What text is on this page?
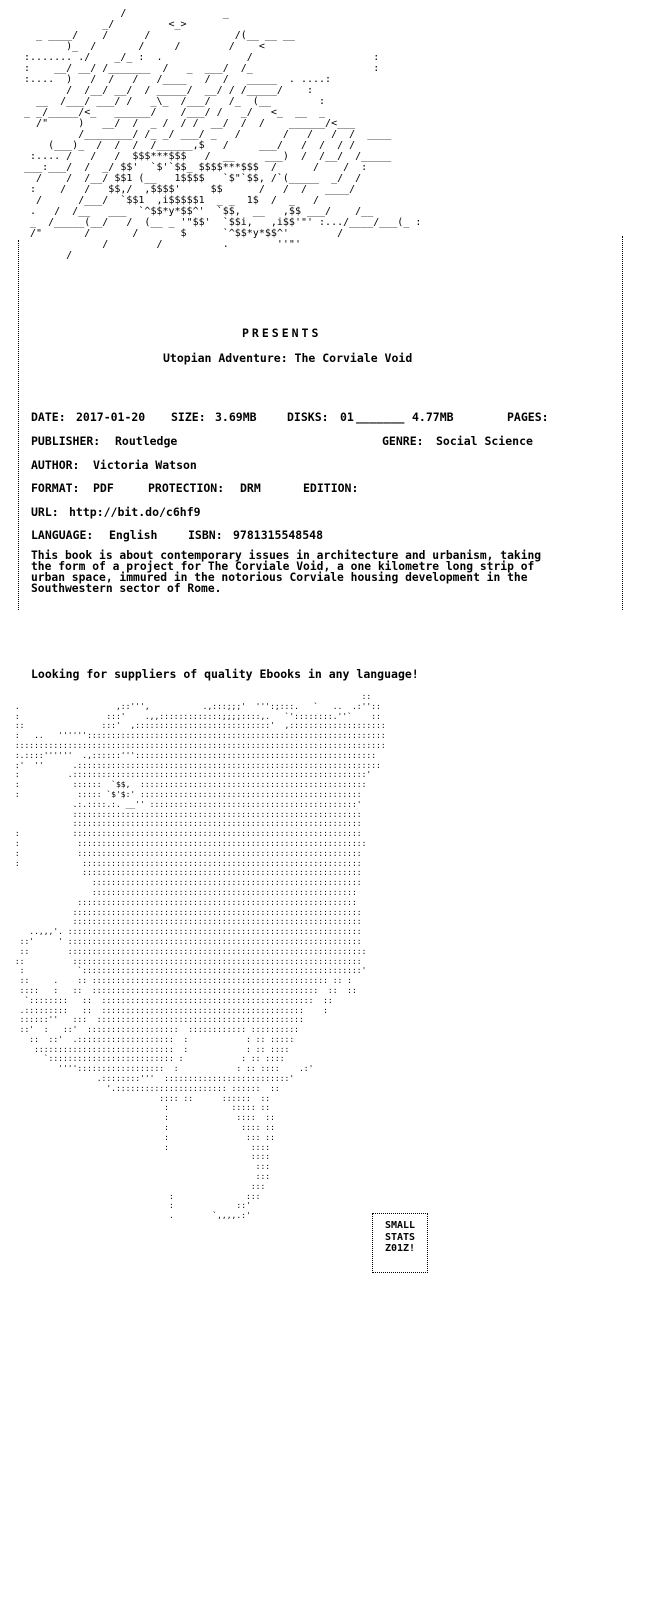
/                _
_/         <_>
_ ____/    /      /              /(__ __ __
)_  /       /     /        /    <
:....... ./    _/_ :  .              /                    :
:    __/ __/ /_______  /   _  ___/  /_                    :
:....  )   /  /   /   /____   /  /   _____  . ....:
/  /__/ __/  / _____/  __/ / /_____/    :
__  /___/ ___/ /   _\_  /___/   /_  (__        :
_ _/_____/<_   ______/    /___/ /   _/   <_  __  _
/"     )   __/  /  _ /  / /  __/  /  /    ______/<___
/________/ /_ _/ ___/ _   /       /   /   /  /  ____
(___)_  /  /  /  /______,$   /     ___/   /  /  / /
:.... /   /   /  $$$***$$$   /  __     ___)  /  /__/  /_____
___:___/  /  _/ $$'  `$'`$$_ $$$$***$$$  /      /    /  :
/    /  /__/ $$1 (__   1$$$$   `$"`$$, /`(_____  _/  /
:    /   /   $$,/  ,$$$$'     $$      /   /  /   ____/
/      /___/  `$$1  ,i$$$$$1  _ _  1$  /  _   /
.   /  /__   ___  `^$$*y*$$^'  `$$,  __   ,$$ ___/    /__
_  /_____(__/   /  (__ _ '"$$'  `$$i,   ,i$$'"' :.../____/___(_ :
/"       /       /       $      `^$$*y*$$^'        /
/        /          .        ''"'
/
PRESENTS
Utopian Adventure: The Corviale Void
DATE: 2017-01-20 SIZE: 3.69MB	DISKS: 01 _______ 4.77MB	PAGES:
PUBLISHER: Routledge	GENRE: Social Science
AUTHOR: Victoria Watson
FORMAT: PDF	PROTECTION: DRM	EDITION:
URL: http://bit.do/c6hf9
LANGUAGE: English	ISBN: 9781315548548
This book is about contemporary issues in architecture and urbanism, taking
the form of a project for The Corviale Void, a one kilometre long strip of
urban space, immured in the notorious Corviale housing development in the
Southwestern sector of Rome.
Looking for suppliers of quality Ebooks in any language!
::
.                    ,::''',           .,:::;;;'  ''':;:::.   `   ..  .:''::
:                  :::'    .,,:::::::::::::;;;;::::,.   `'::::::::.''`    ::
::                :::'  ,::::::::::::::::::::::::::::'  ,::::::::::::::::::::
:   ..   ''''''::::::::::::::::::::::::::::::::::::::::::::::::::::::::::::::
:::::::::::::::::::::::::::::::::::::::::::::::::::::::::::::::::::::::::::::
:.::::''''''  .,::::::'''::::::::::::::::::::::::::::::::::::::::::::::::::
:'  ''      .:::::::::::::::::::::::::::::::::::::::::::::::::::::::::::::::
:          .:::::::::::::::::::::::::::::::::::::::::::::::::::::::::::::'
:           ::::::  `$$,  :::::::::::::::::::::::::::::::::::::::::::::::
:            ::::: `$'$:' ::::::::::::::::::::::::::::::::::::::::::::::
.:.::::.:. __'' :::::::::::::::::::::::::::::::::::::::::::'
::::::::::::::::::::::::::::::::::::::::::::::::::::::::::::
::::::::::::::::::::::::::::::::::::::::::::::::::::::::::::
:           ::::::::::::::::::::::::::::::::::::::::::::::::::::::::::::
:            ::::::::::::::::::::::::::::::::::::::::::::::::::::::::::::
:            :::::::::::::::::::::::::::::::::::::::::::::::::::::::::::
:             ::::::::::::::::::::::::::::::::::::::::::::::::::::::::::
::::::::::::::::::::::::::::::::::::::::::::::::::::::::::
::::::::::::::::::::::::::::::::::::::::::::::::::::::::
:::::::::::::::::::::::::::::::::::::::::::::::::::::::
::::::::::::::::::::::::::::::::::::::::::::::::::::::::::
::::::::::::::::::::::::::::::::::::::::::::::::::::::::::::
::::::::::::::::::::::::::::::::::::::::::::::::::::::::::::
..,,,'. :::::::::::::::::::::::::::::::::::::::::::::::::::::::::::::
::'     ' :::::::::::::::::::::::::::::::::::::::::::::::::::::::::::::
::        ::::::::::::::::::::::::::::::::::::::::::::::::::::::::::::::
::          ::::::::::::::::::::::::::::::::::::::::::::::::::::::::::::
:           `::::::::::::::::::::::::::::::::::::::::::::::::::::::::::'
::     .    :: ::::::::::::::::::::::::::::::::::::::::::::::::: :: :
::::   :   ::  :::::::::::::::::::::::::::::::::::::::::::::::  ::  ::
`::::::::   ::  ::::::::::::::::::::::::::::::::::::::::::::  ::
.:::::::::   ::  ::::::::::::::::::::::::::::::::::::::::::    :
::::::''   :::  :::::::::::::::::::::::::::::::::::::::::::
::'  :   ::'  :::::::::::::::::::  :::::::::::: ::::::::::
::  ::'  .::::::::::::::::::::  :            : :: :::::
:::::::::::::::::::::::::::::  :            : :: ::::
`:::::::::::::::::::::::::: :            : :: ::::
''''::::::::::::::::::  :            : :: ::::    .:'
.::::::::'''  ::::::::::::::::::::::::::'
'.::::::::::::::::::::::: ::::::  ::
:::: ::      ::::::  ::
:             ::::: ::
:              ::::  ::
:               :::: ::
:                ::: ::
:                 ::::
::::
:::
:::
:::
:               :::
:             ::'
.        `,,,,.:'
SMALL
STATS
Z01Z!
